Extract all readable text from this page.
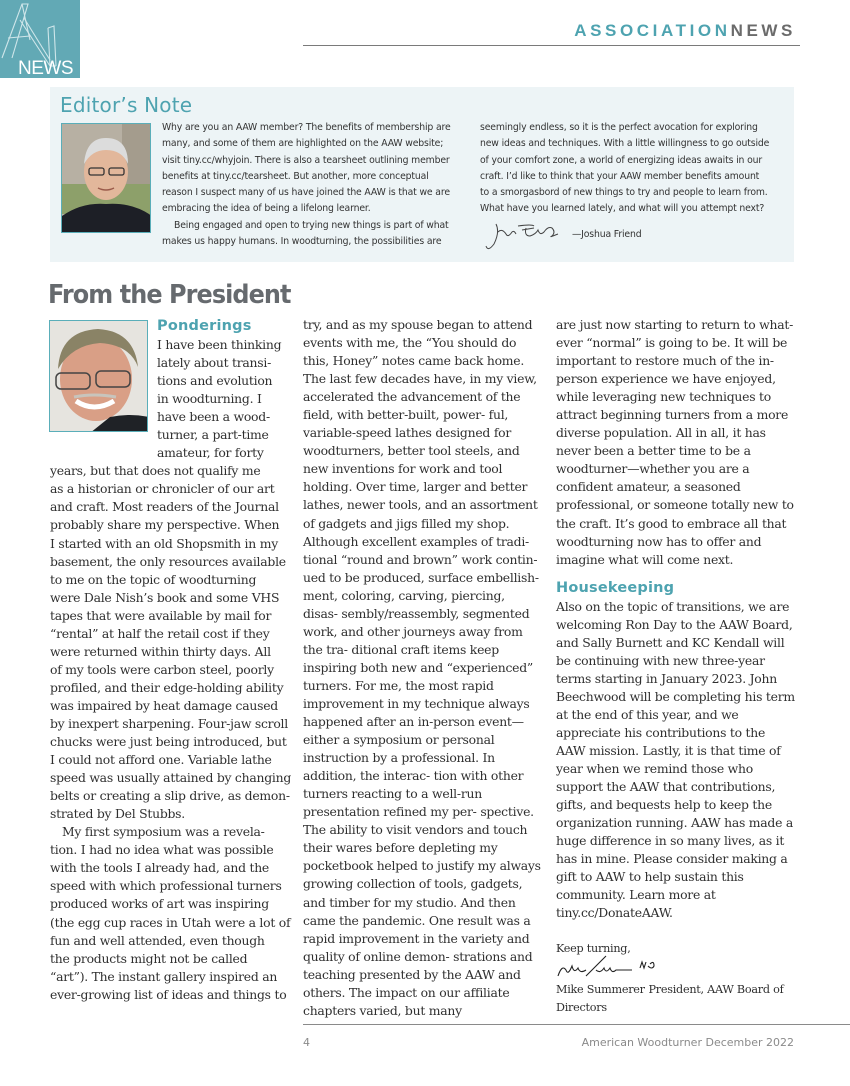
NEWS
ASSOCIATIONNEWS
Editor’s Note

Why are you an AAW member? The benefits of membership are

many, and some of them are highlighted on the AAW website;

visit tiny.cc/whyjoin. There is also a tearsheet outlining member

benefits at tiny.cc/tearsheet. But another, more conceptual

reason I suspect many of us have joined the AAW is that we are

embracing the idea of being a lifelong learner.

Being engaged and open to trying new things is part of what

makes us happy humans. In woodturning, the possibilities are

seemingly endless, so it is the perfect avocation for exploring

new ideas and techniques. With a little willingness to go outside

of your comfort zone, a world of energizing ideas awaits in our

craft. I’d like to think that your AAW member benefits amount

to a smorgasbord of new things to try and people to learn from.

What have you learned lately, and what will you attempt next?

—Joshua Friend
From the President
Ponderings
I have been thinking
lately about transi-
tions and evolution
in woodturning. I
have been a wood-
turner, a part-time
amateur, for forty
years, but that does not qualify me
as a historian or chronicler of our art
and craft. Most readers of the Journal
probably share my perspective. When
I started with an old Shopsmith in my
basement, the only resources available
to me on the topic of woodturning
were Dale Nish’s book and some VHS
tapes that were available by mail for
“rental” at half the retail cost if they
were returned within thirty days. All
of my tools were carbon steel, poorly
profiled, and their edge-holding ability
was impaired by heat damage caused
by inexpert sharpening. Four-jaw scroll
chucks were just being introduced, but
I could not afford one. Variable lathe
speed was usually attained by changing
belts or creating a slip drive, as demon-
strated by Del Stubbs.
My first symposium was a revela-
tion. I had no idea what was possible
with the tools I already had, and the
speed with which professional turners
produced works of art was inspiring
(the egg cup races in Utah were a lot of
fun and well attended, even though
the products might not be called
“art”). The instant gallery inspired an
ever-growing list of ideas and things to
try, and as my spouse began to attend events with me, the “You should do this, Honey” notes came back home. The last few decades have, in my view, accelerated the advancement of the field, with better-built, power- ful, variable-speed lathes designed for woodturners, better tool steels, and new inventions for work and tool holding. Over time, larger and better lathes, newer tools, and an assortment of gadgets and jigs filled my shop. Although excellent examples of tradi- tional “round and brown” work contin- ued to be produced, surface embellish- ment, coloring, carving, piercing, disas- sembly/reassembly, segmented work, and other journeys away from the tra- ditional craft items keep inspiring both new and “experienced” turners. For me, the most rapid improvement in my technique always happened after an in-person event—either a symposium or personal instruction by a professional. In addition, the interac- tion with other turners reacting to a well-run presentation refined my per- spective. The ability to visit vendors and touch their wares before depleting my pocketbook helped to justify my always growing collection of tools, gadgets, and timber for my studio. And then came the pandemic. One result was a rapid improvement in the variety and quality of online demon- strations and teaching presented by the AAW and others. The impact on our affiliate chapters varied, but many
are just now starting to return to what- ever “normal” is going to be. It will be important to restore much of the in-person experience we have enjoyed, while leveraging new techniques to attract beginning turners from a more diverse population. All in all, it has never been a better time to be a woodturner—whether you are a confident amateur, a seasoned professional, or someone totally new to the craft. It’s good to embrace all that woodturning now has to offer and imagine what will come next.
Housekeeping
Also on the topic of transitions, we are welcoming Ron Day to the AAW Board, and Sally Burnett and KC Kendall will be continuing with new three-year terms starting in January 2023. John Beechwood will be completing his term at the end of this year, and we appreciate his contributions to the AAW mission. Lastly, it is that time of year when we remind those who support the AAW that contributions, gifts, and bequests help to keep the organization running. AAW has made a huge difference in so many lives, as it has in mine. Please consider making a gift to AAW to help sustain this community. Learn more at tiny.cc/DonateAAW.
Keep turning,
Mike Summerer President, AAW Board of Directors
4	American Woodturner December 2022
